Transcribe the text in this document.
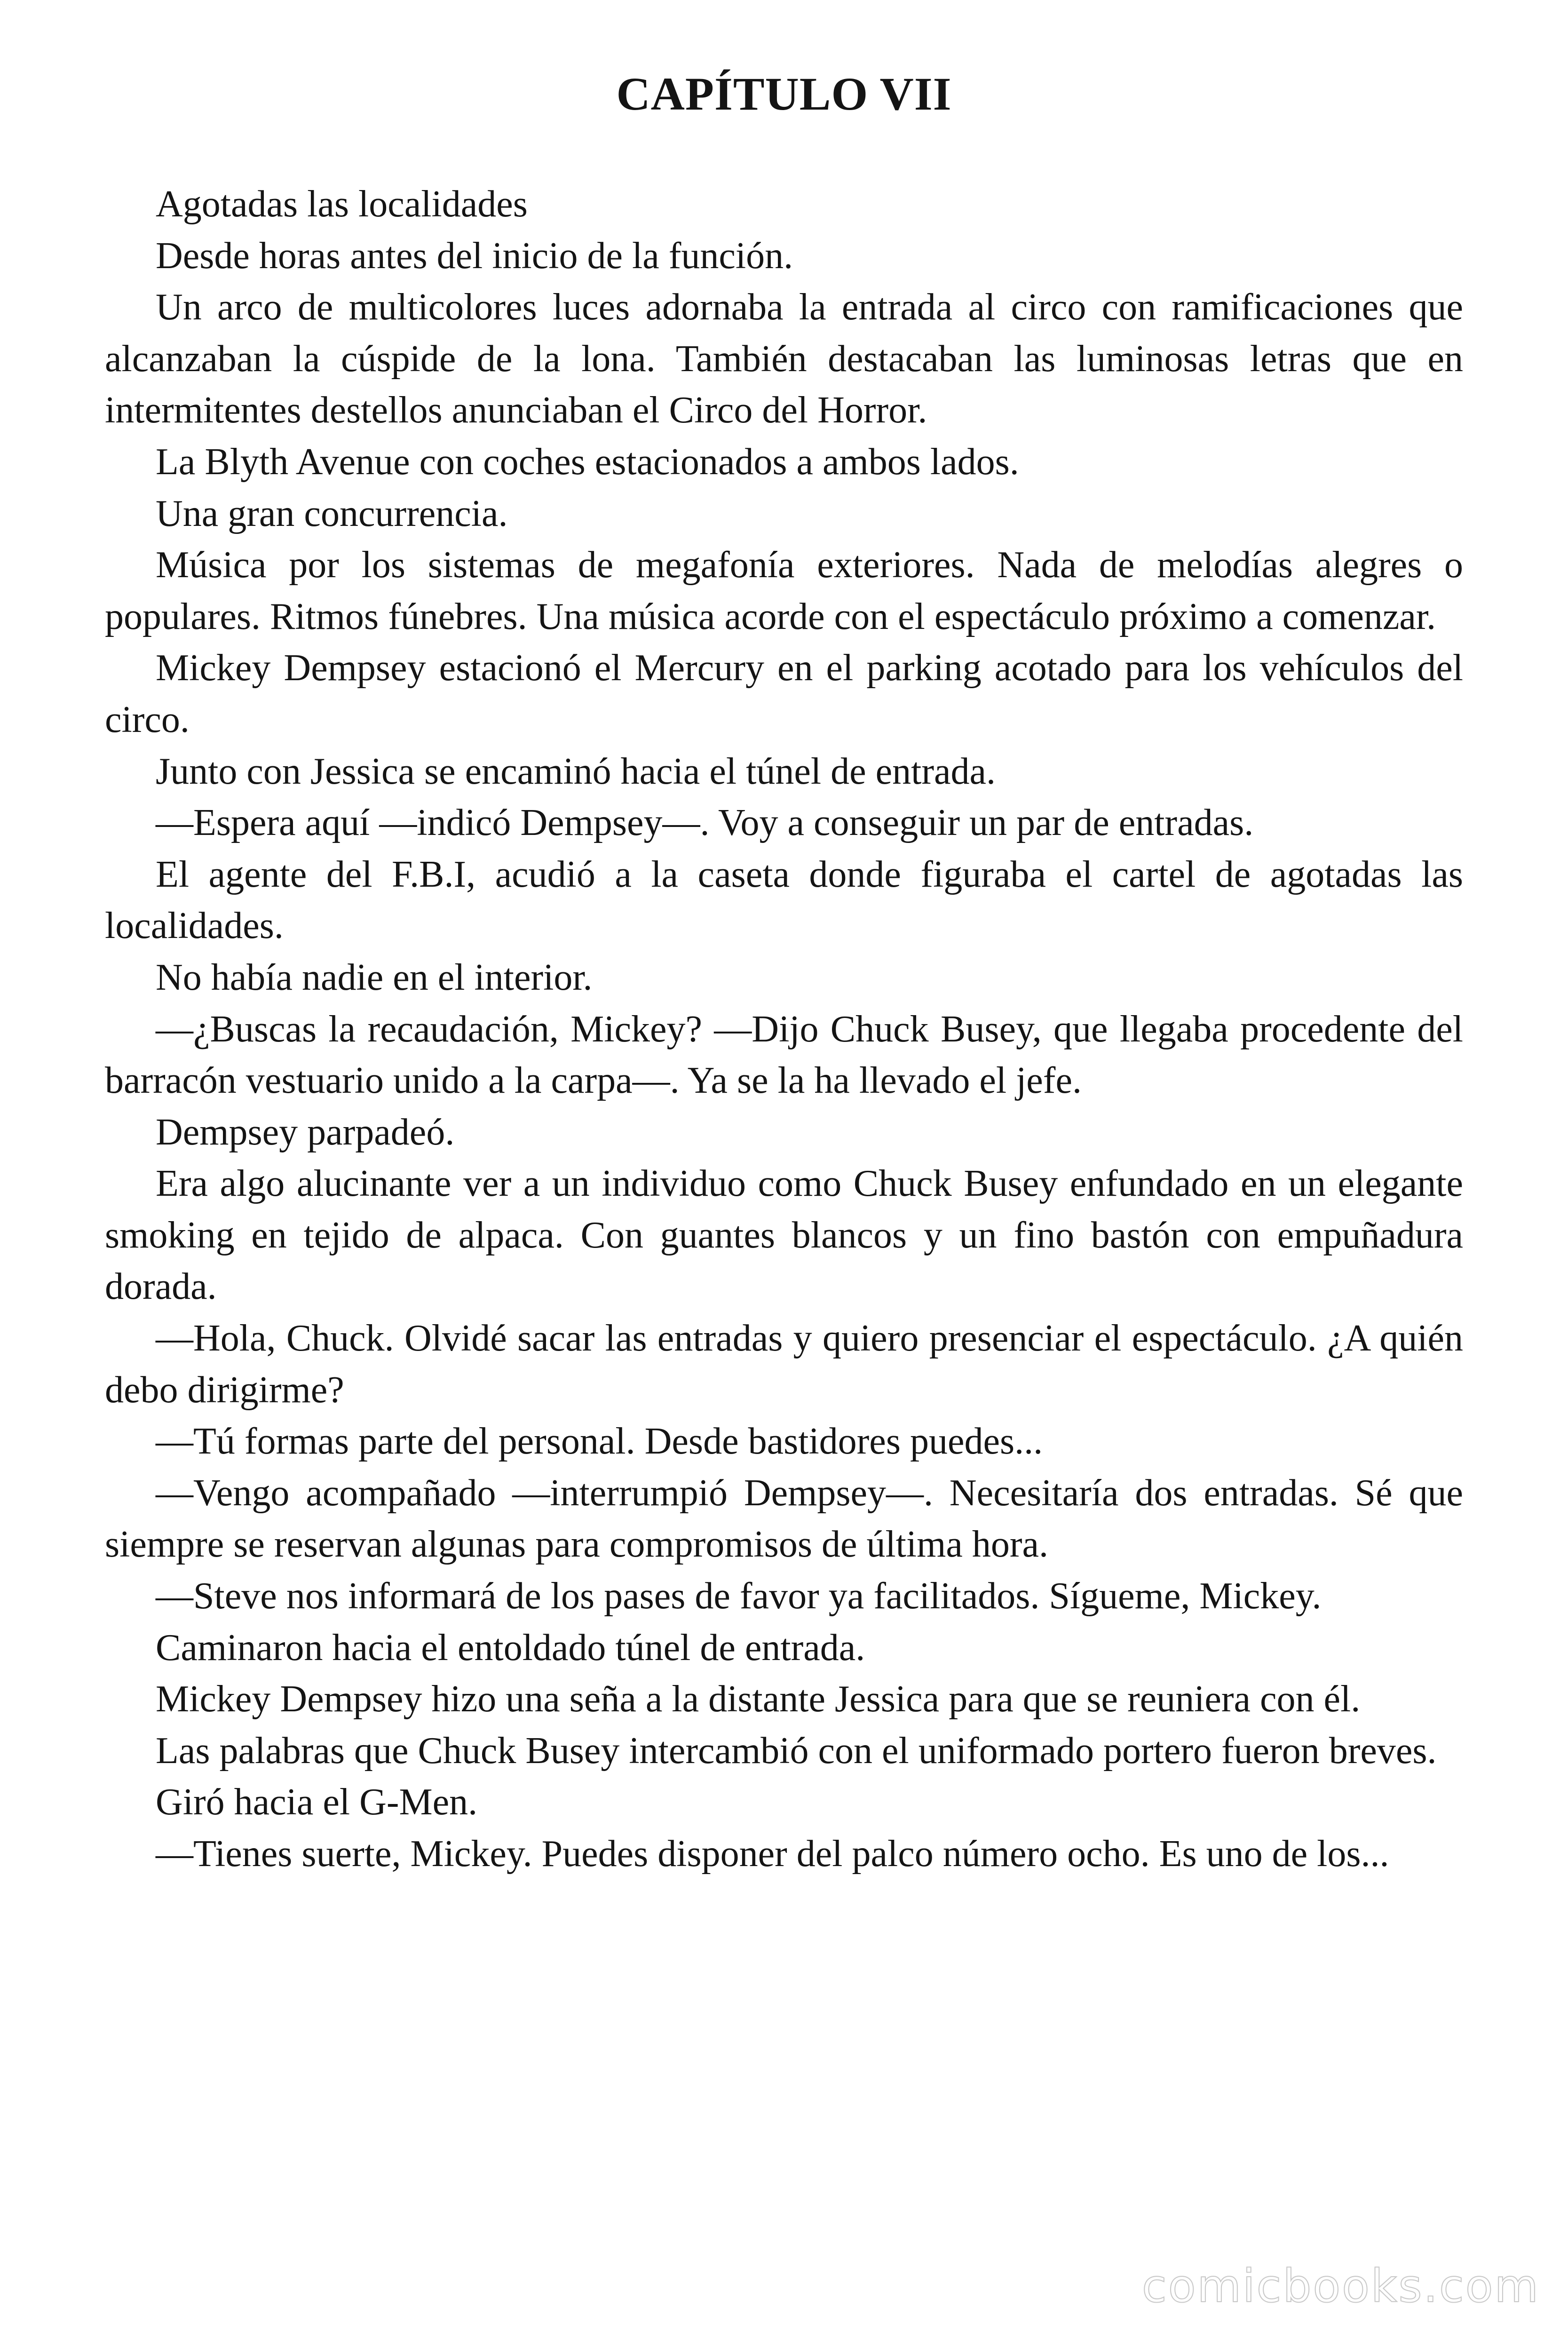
CAPÍTULO VII

Agotadas las localidades

Desde horas antes del inicio de la función.

Un arco de multicolores luces adornaba la entrada al circo con ramificaciones que alcanzaban la cúspide de la lona. También destacaban las luminosas letras que en intermitentes destellos anunciaban el Circo del Horror.

La Blyth Avenue con coches estacionados a ambos lados.

Una gran concurrencia.

Música por los sistemas de megafonía exteriores. Nada de melodías alegres o populares. Ritmos fúnebres. Una música acorde con el espectáculo próximo a comenzar.

Mickey Dempsey estacionó el Mercury en el parking acotado para los vehículos del circo.

Junto con Jessica se encaminó hacia el túnel de entrada.

—Espera aquí —indicó Dempsey—. Voy a conseguir un par de entradas.

El agente del F.B.I, acudió a la caseta donde figuraba el cartel de agotadas las localidades.

No había nadie en el interior.

—¿Buscas la recaudación, Mickey? —Dijo Chuck Busey, que llegaba procedente del barracón vestuario unido a la carpa—. Ya se la ha llevado el jefe.

Dempsey parpadeó.

Era algo alucinante ver a un individuo como Chuck Busey enfundado en un elegante smoking en tejido de alpaca. Con guantes blancos y un fino bastón con empuñadura dorada.

—Hola, Chuck. Olvidé sacar las entradas y quiero presenciar el espectáculo. ¿A quién debo dirigirme?

—Tú formas parte del personal. Desde bastidores puedes...

—Vengo acompañado —interrumpió Dempsey—. Necesitaría dos entradas. Sé que siempre se reservan algunas para compromisos de última hora.

—Steve nos informará de los pases de favor ya facilitados. Sígueme, Mickey.

Caminaron hacia el entoldado túnel de entrada.

Mickey Dempsey hizo una seña a la distante Jessica para que se reuniera con él.

Las palabras que Chuck Busey intercambió con el uniformado portero fueron breves.

Giró hacia el G-Men.

—Tienes suerte, Mickey. Puedes disponer del palco número ocho. Es uno de los...

comicbooks.com
